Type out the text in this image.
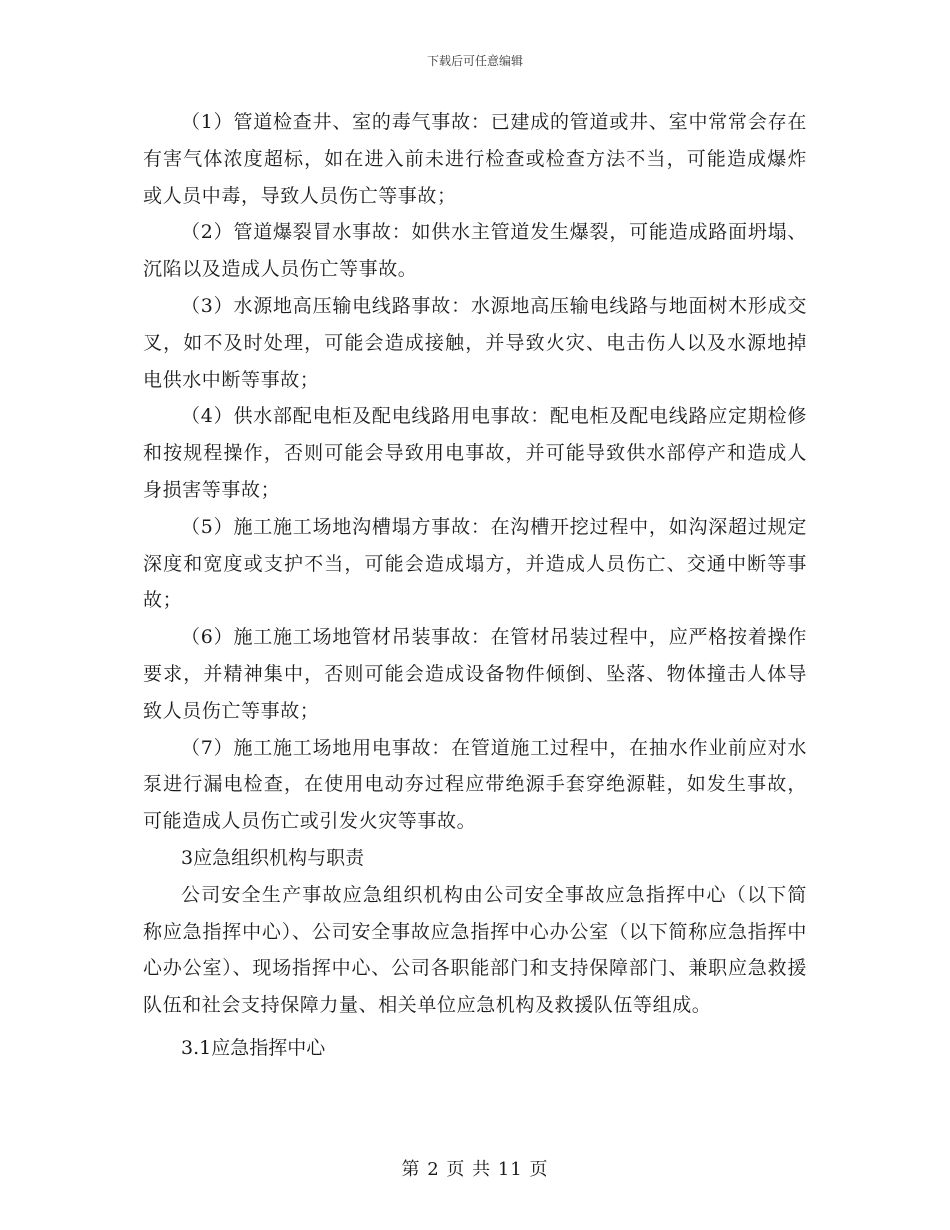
下载后可任意编辑

（1）管道检查井、室的毒气事故：已建成的管道或井、室中常常会存在有害气体浓度超标，如在进入前未进行检查或检查方法不当，可能造成爆炸或人员中毒，导致人员伤亡等事故；

（2）管道爆裂冒水事故：如供水主管道发生爆裂，可能造成路面坍塌、沉陷以及造成人员伤亡等事故。

（3）水源地高压输电线路事故：水源地高压输电线路与地面树木形成交叉，如不及时处理，可能会造成接触，并导致火灾、电击伤人以及水源地掉电供水中断等事故；

（4）供水部配电柜及配电线路用电事故：配电柜及配电线路应定期检修和按规程操作，否则可能会导致用电事故，并可能导致供水部停产和造成人身损害等事故；

（5）施工施工场地沟槽塌方事故：在沟槽开挖过程中，如沟深超过规定深度和宽度或支护不当，可能会造成塌方，并造成人员伤亡、交通中断等事故；

（6）施工施工场地管材吊装事故：在管材吊装过程中，应严格按着操作要求，并精神集中，否则可能会造成设备物件倾倒、坠落、物体撞击人体导致人员伤亡等事故；

（7）施工施工场地用电事故：在管道施工过程中，在抽水作业前应对水泵进行漏电检查，在使用电动夯过程应带绝源手套穿绝源鞋，如发生事故，可能造成人员伤亡或引发火灾等事故。

3应急组织机构与职责

公司安全生产事故应急组织机构由公司安全事故应急指挥中心（以下简称应急指挥中心）、公司安全事故应急指挥中心办公室（以下简称应急指挥中心办公室）、现场指挥中心、公司各职能部门和支持保障部门、兼职应急救援队伍和社会支持保障力量、相关单位应急机构及救援队伍等组成。

3.1应急指挥中心

第 2 页 共 11 页
